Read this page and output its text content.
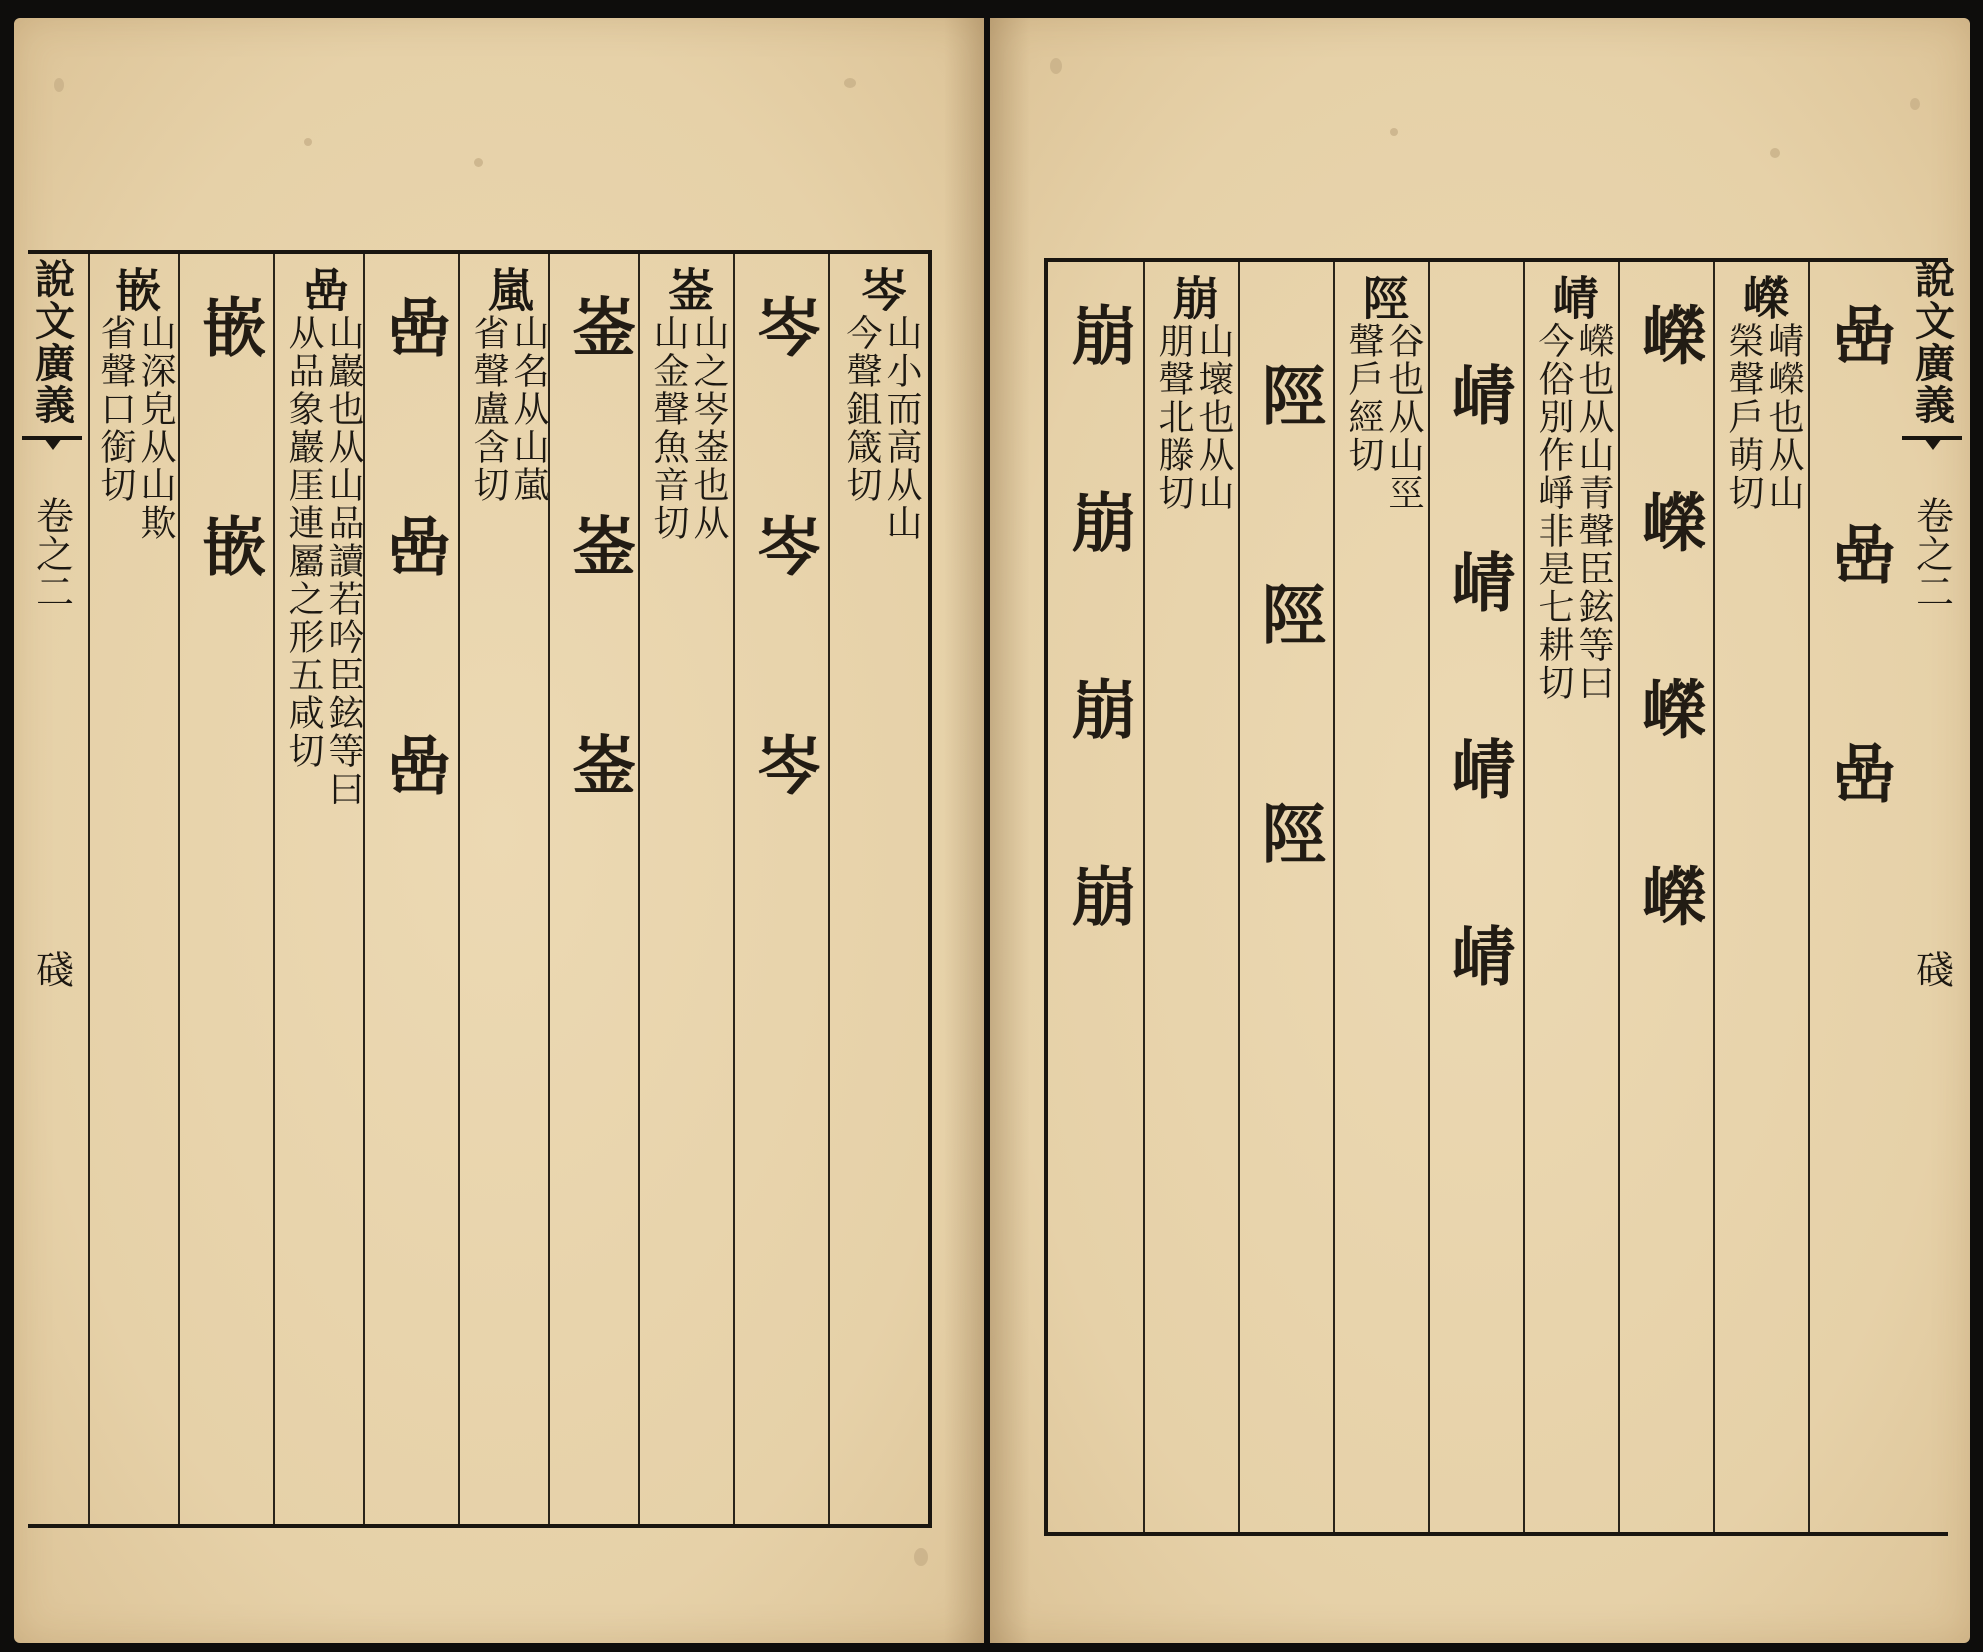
說文廣義
卷之二
碊
岑
山小而高从山
今聲鉏箴切
岑 岑 岑
崟
山之岑崟也从
山金聲魚音切
崟 崟 崟
嵐
山名从山葻
省聲盧含切
嵒 嵒 嵒
嵒
山巖也从山品讀若吟臣鉉等曰
从品象巖厓連屬之形五咸切
嵌 嵌
嵌
山深皃从山欺
省聲口銜切	嵒 嵒 嵒
嶸
崝嶸也从山
榮聲戶萌切
嶸 嶸 嶸 嶸
崝
嶸也从山青聲臣鉉等曰
今俗別作崢非是七耕切
崝 崝 崝 崝
陘
谷也从山巠
聲戶經切
陘 陘 陘
崩
山壞也从山
朋聲北滕切
崩 崩 崩 崩	說文廣義
卷之二
碊
